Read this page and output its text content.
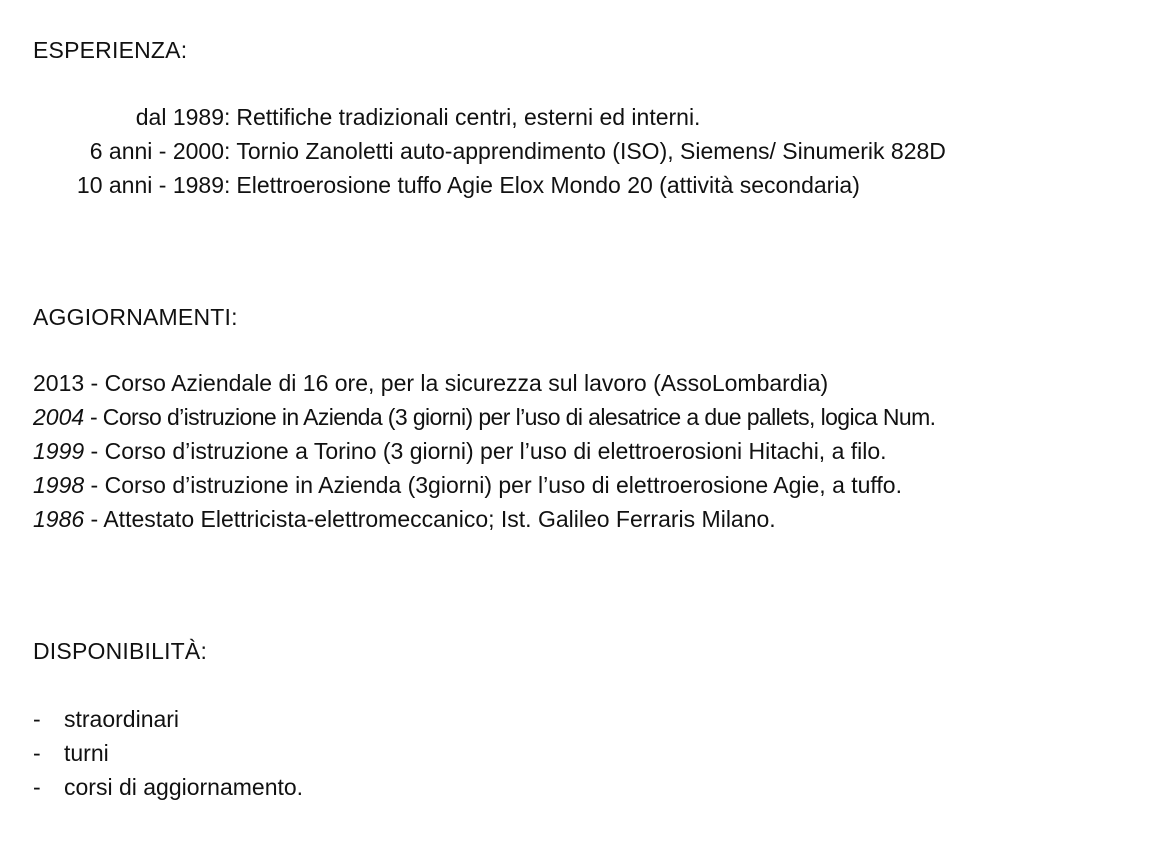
ESPERIENZA:
dal 1989: Rettifiche tradizionali centri, esterni ed interni.
6 anni - 2000: Tornio Zanoletti auto-apprendimento (ISO), Siemens/ Sinumerik 828D
10 anni - 1989: Elettroerosione tuffo Agie Elox Mondo 20 (attività secondaria)
AGGIORNAMENTI:
2013 - Corso Aziendale di 16 ore, per la sicurezza sul lavoro (AssoLombardia)
2004 - Corso d’istruzione in Azienda (3 giorni) per l’uso di alesatrice a due pallets, logica Num.
1999 - Corso d’istruzione a Torino (3 giorni) per l’uso di elettroerosioni Hitachi, a filo.
1998 - Corso d’istruzione in Azienda (3giorni) per l’uso di elettroerosione Agie, a tuffo.
1986 - Attestato Elettricista-elettromeccanico; Ist. Galileo Ferraris Milano.
DISPONIBILITÀ:
- straordinari
- turni
- corsi di aggiornamento.
